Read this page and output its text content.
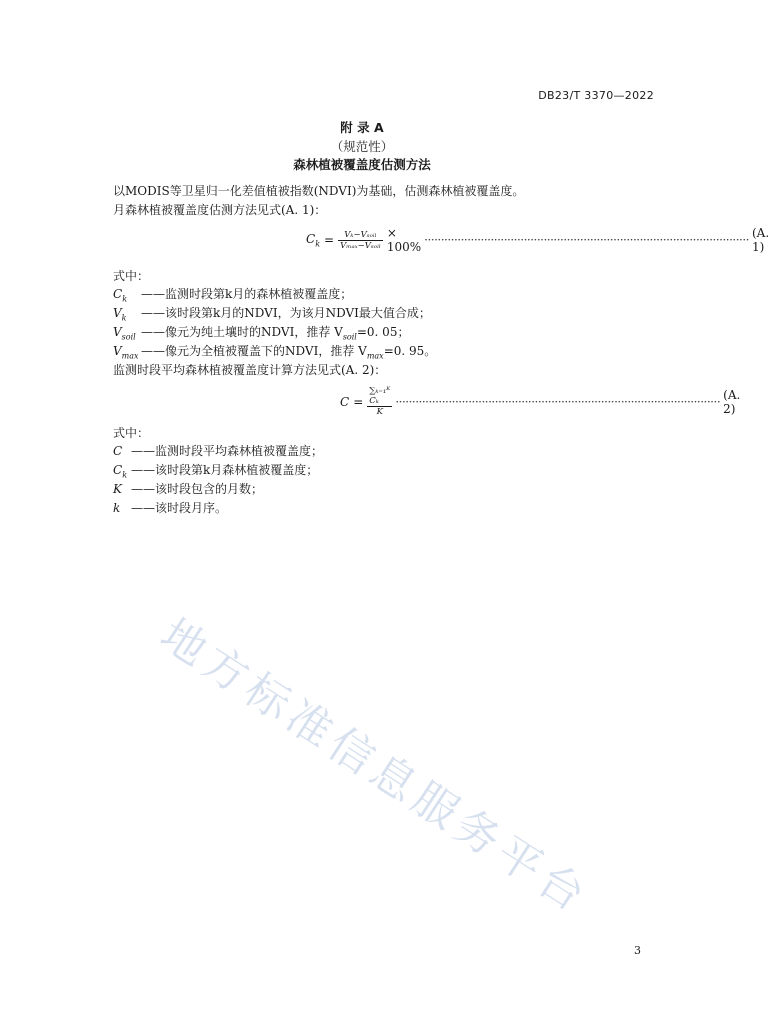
DB23/T 3370—2022
附 录 A
（规范性）
森林植被覆盖度估测方法
以MODIS等卫星归一化差值植被指数(NDVI)为基础，估测森林植被覆盖度。
月森林植被覆盖度估测方法见式(A. 1)：
$C_k = \frac{\text{Vₖ−Vₛₒᵢₗ}}{\text{Vₘₐₓ−Vₛₒᵢₗ}} \times 100\%$ ·································································································· (A. 1)
式中：
$C_k$ ——监测时段第k月的森林植被覆盖度；
$V_k$ ——该时段第k月的NDVI，为该月NDVI最大值合成；
$V_{soil}$ ——像元为纯土壤时的NDVI，推荐 $V_{soil}=0$. 05；
$V_{max}$ ——像元为全植被覆盖下的NDVI，推荐 $V_{max}=0$. 95。
监测时段平均森林植被覆盖度计算方法见式(A. 2)：
$C = \frac{\text{∑ₖ₌₁ᴷ Cₖ}}{K}$ ·································································································· (A. 2)
式中：
C ——监测时段平均森林植被覆盖度；
$C_k$ ——该时段第k月森林植被覆盖度；
K ——该时段包含的月数；
k ——该时段月序。
地方标准信息服务平台
3
